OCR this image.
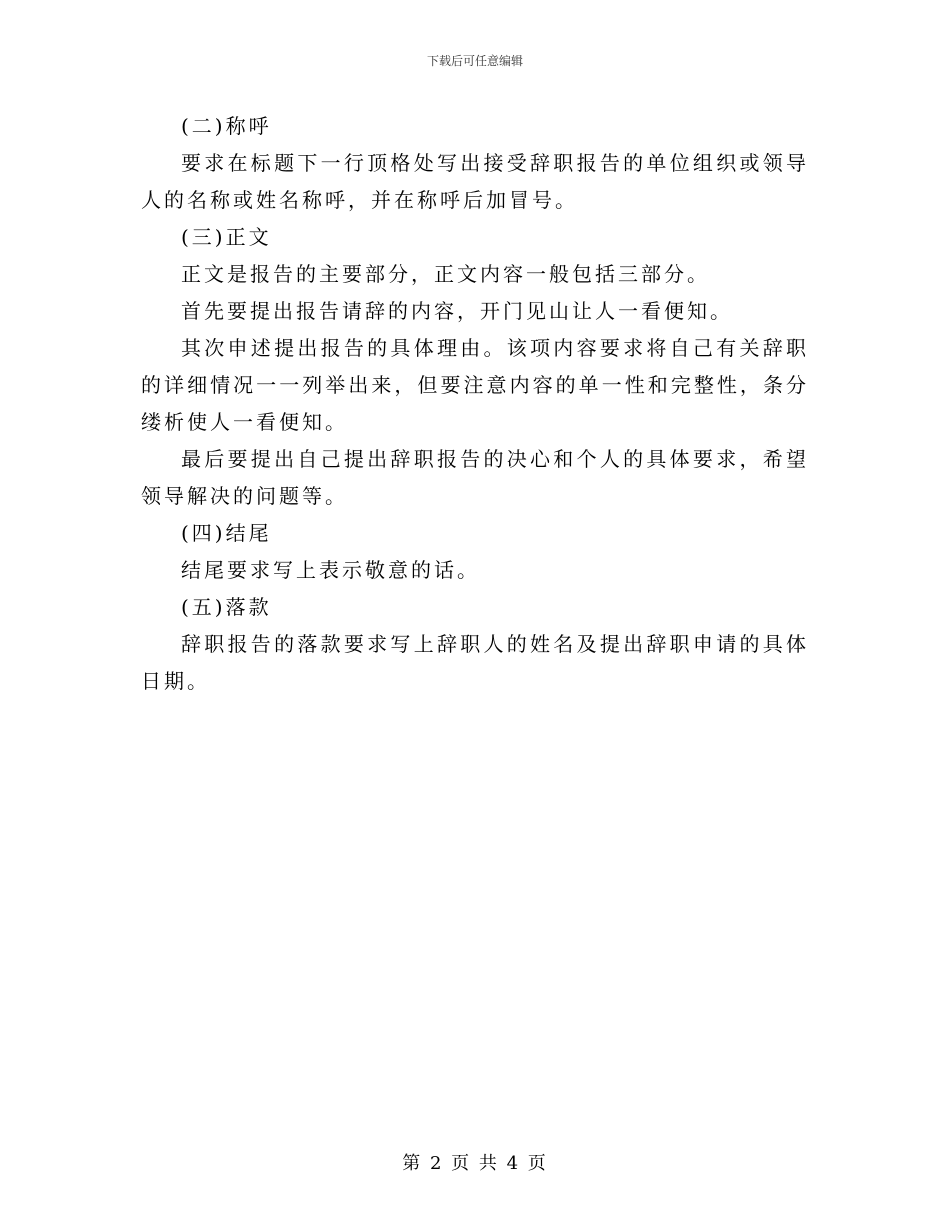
下载后可任意编辑

(二)称呼

要求在标题下一行顶格处写出接受辞职报告的单位组织或领导人的名称或姓名称呼，并在称呼后加冒号。

(三)正文

正文是报告的主要部分，正文内容一般包括三部分。

首先要提出报告请辞的内容，开门见山让人一看便知。

其次申述提出报告的具体理由。该项内容要求将自己有关辞职的详细情况一一列举出来，但要注意内容的单一性和完整性，条分缕析使人一看便知。

最后要提出自己提出辞职报告的决心和个人的具体要求，希望领导解决的问题等。

(四)结尾

结尾要求写上表示敬意的话。

(五)落款

辞职报告的落款要求写上辞职人的姓名及提出辞职申请的具体日期。

第 2 页 共 4 页
